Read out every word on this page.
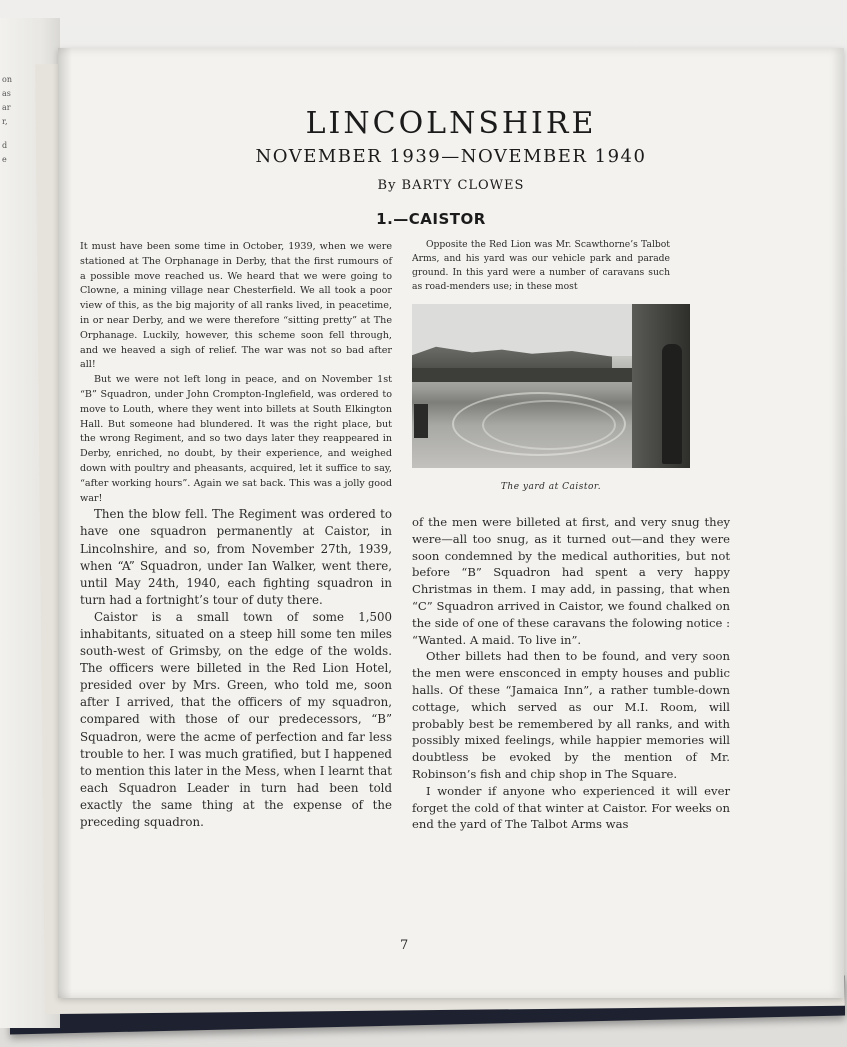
on
as
ar
r,
d
e
LINCOLNSHIRE
NOVEMBER 1939—NOVEMBER 1940
By BARTY CLOWES
1.—CAISTOR

It must have been some time in October, 1939, when we were stationed at The Orphanage in Derby, that the first rumours of a possible move reached us. We heard that we were going to Clowne, a mining village near Chesterfield. We all took a poor view of this, as the big majority of all ranks lived, in peacetime, in or near Derby, and we were therefore “sitting pretty” at The Orphanage. Luckily, however, this scheme soon fell through, and we heaved a sigh of relief. The war was not so bad after all!

But we were not left long in peace, and on November 1st “B” Squadron, under John Crompton-Inglefield, was ordered to move to Louth, where they went into billets at South Elkington Hall. But someone had blundered. It was the right place, but the wrong Regiment, and so two days later they reappeared in Derby, enriched, no doubt, by their experience, and weighed down with poultry and pheasants, acquired, let it suffice to say, “after working hours”. Again we sat back. This was a jolly good war!

Then the blow fell. The Regiment was ordered to have one squadron permanently at Caistor, in Lincolnshire, and so, from November 27th, 1939, when “A” Squadron, under Ian Walker, went there, until May 24th, 1940, each fighting squadron in turn had a fortnight’s tour of duty there.

Caistor is a small town of some 1,500 inhabitants, situated on a steep hill some ten miles south-west of Grimsby, on the edge of the wolds. The officers were billeted in the Red Lion Hotel, presided over by Mrs. Green, who told me, soon after I arrived, that the officers of my squadron, compared with those of our predecessors, “B” Squadron, were the acme of perfection and far less trouble to her. I was much gratified, but I happened to mention this later in the Mess, when I learnt that each Squadron Leader in turn had been told exactly the same thing at the expense of the preceding squadron.

Opposite the Red Lion was Mr. Scawthorne’s Talbot Arms, and his yard was our vehicle park and parade ground. In this yard were a number of caravans such as road-menders use; in these most

The yard at Caistor.

of the men were billeted at first, and very snug they were—all too snug, as it turned out—and they were soon condemned by the medical authorities, but not before “B” Squadron had spent a very happy Christmas in them. I may add, in passing, that when “C” Squadron arrived in Caistor, we found chalked on the side of one of these caravans the folowing notice : “Wanted. A maid. To live in”.

Other billets had then to be found, and very soon the men were ensconced in empty houses and public halls. Of these “Jamaica Inn”, a rather tumble-down cottage, which served as our M.I. Room, will probably best be remembered by all ranks, and with possibly mixed feelings, while happier memories will doubtless be evoked by the mention of Mr. Robinson’s fish and chip shop in The Square.

I wonder if anyone who experienced it will ever forget the cold of that winter at Caistor. For weeks on end the yard of The Talbot Arms was

7
